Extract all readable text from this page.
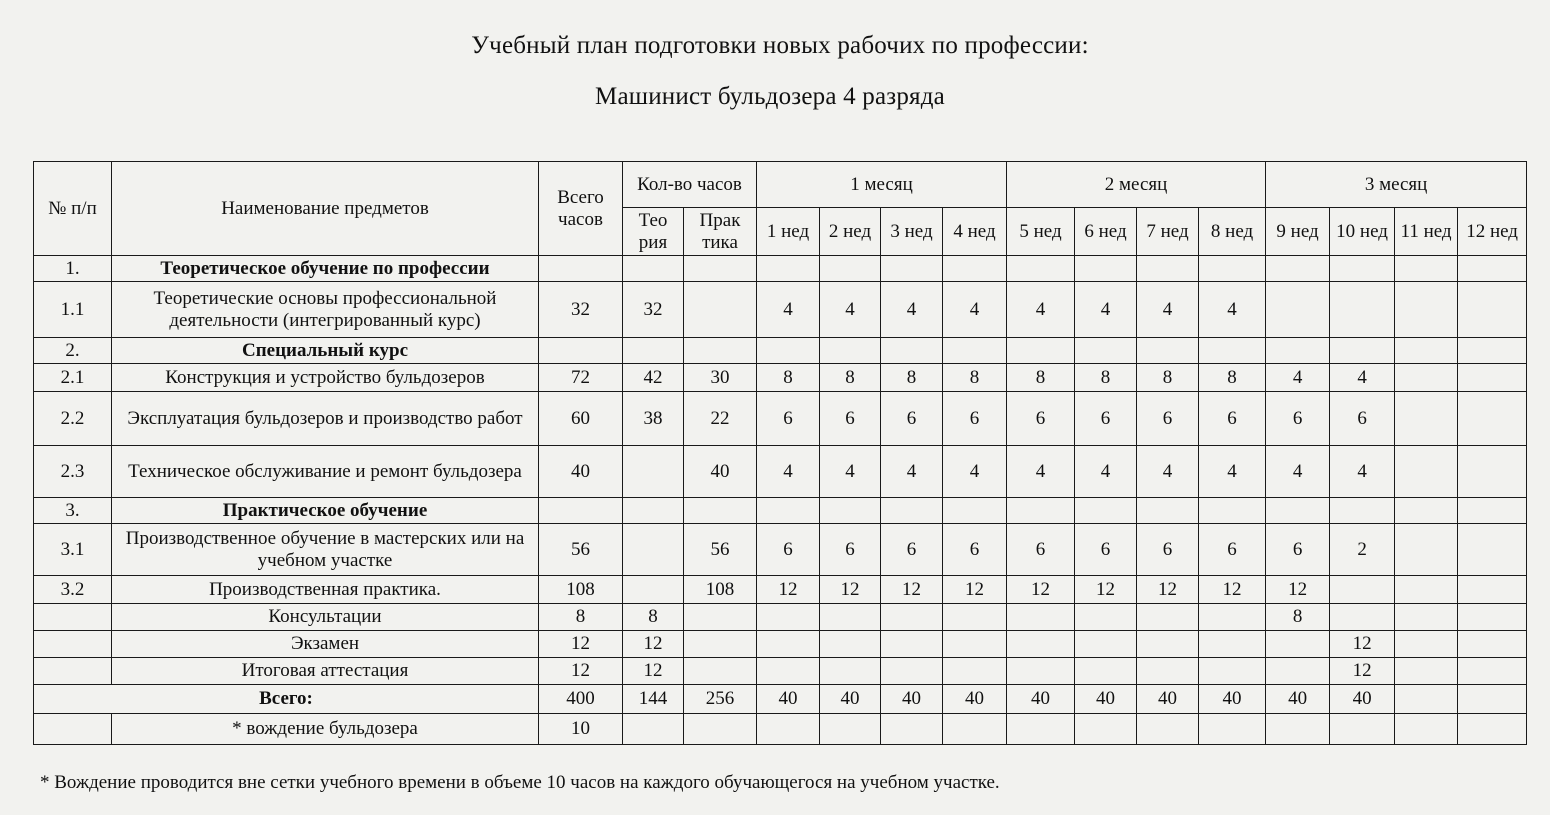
Учебный план подготовки новых рабочих по профессии:
Машинист бульдозера 4 разряда
№ п/п	Наименование предметов	Всего часов	Кол-во часов		1 месяц				2 месяц				3 месяц			
			Тео рия	Прак тика	1 нед	2 нед	3 нед	4 нед	5 нед	6 нед	7 нед	8 нед	9 нед	10 нед	11 нед	12 нед
1.	Теоретическое обучение по профессии															
1.1	Теоретические основы профессиональной деятельности (интегрированный курс)	32	32		4	4	4	4	4	4	4	4				
2.	Специальный курс															
2.1	Конструкция и устройство бульдозеров	72	42	30	8	8	8	8	8	8	8	8	4	4		
2.2	Эксплуатация бульдозеров и производство работ	60	38	22	6	6	6	6	6	6	6	6	6	6		
2.3	Техническое обслуживание и ремонт бульдозера	40		40	4	4	4	4	4	4	4	4	4	4		
3.	Практическое обучение															
3.1	Производственное обучение в мастерских или на учебном участке	56		56	6	6	6	6	6	6	6	6	6	2		
3.2	Производственная практика.	108		108	12	12	12	12	12	12	12	12	12			
	Консультации	8	8										8			
	Экзамен	12	12											12		
	Итоговая аттестация	12	12											12		
Всего:		400	144	256	40	40	40	40	40	40	40	40	40	40		
	* вождение бульдозера	10														
* Вождение проводится вне сетки учебного времени в объеме 10 часов на каждого обучающегося на учебном участке.
